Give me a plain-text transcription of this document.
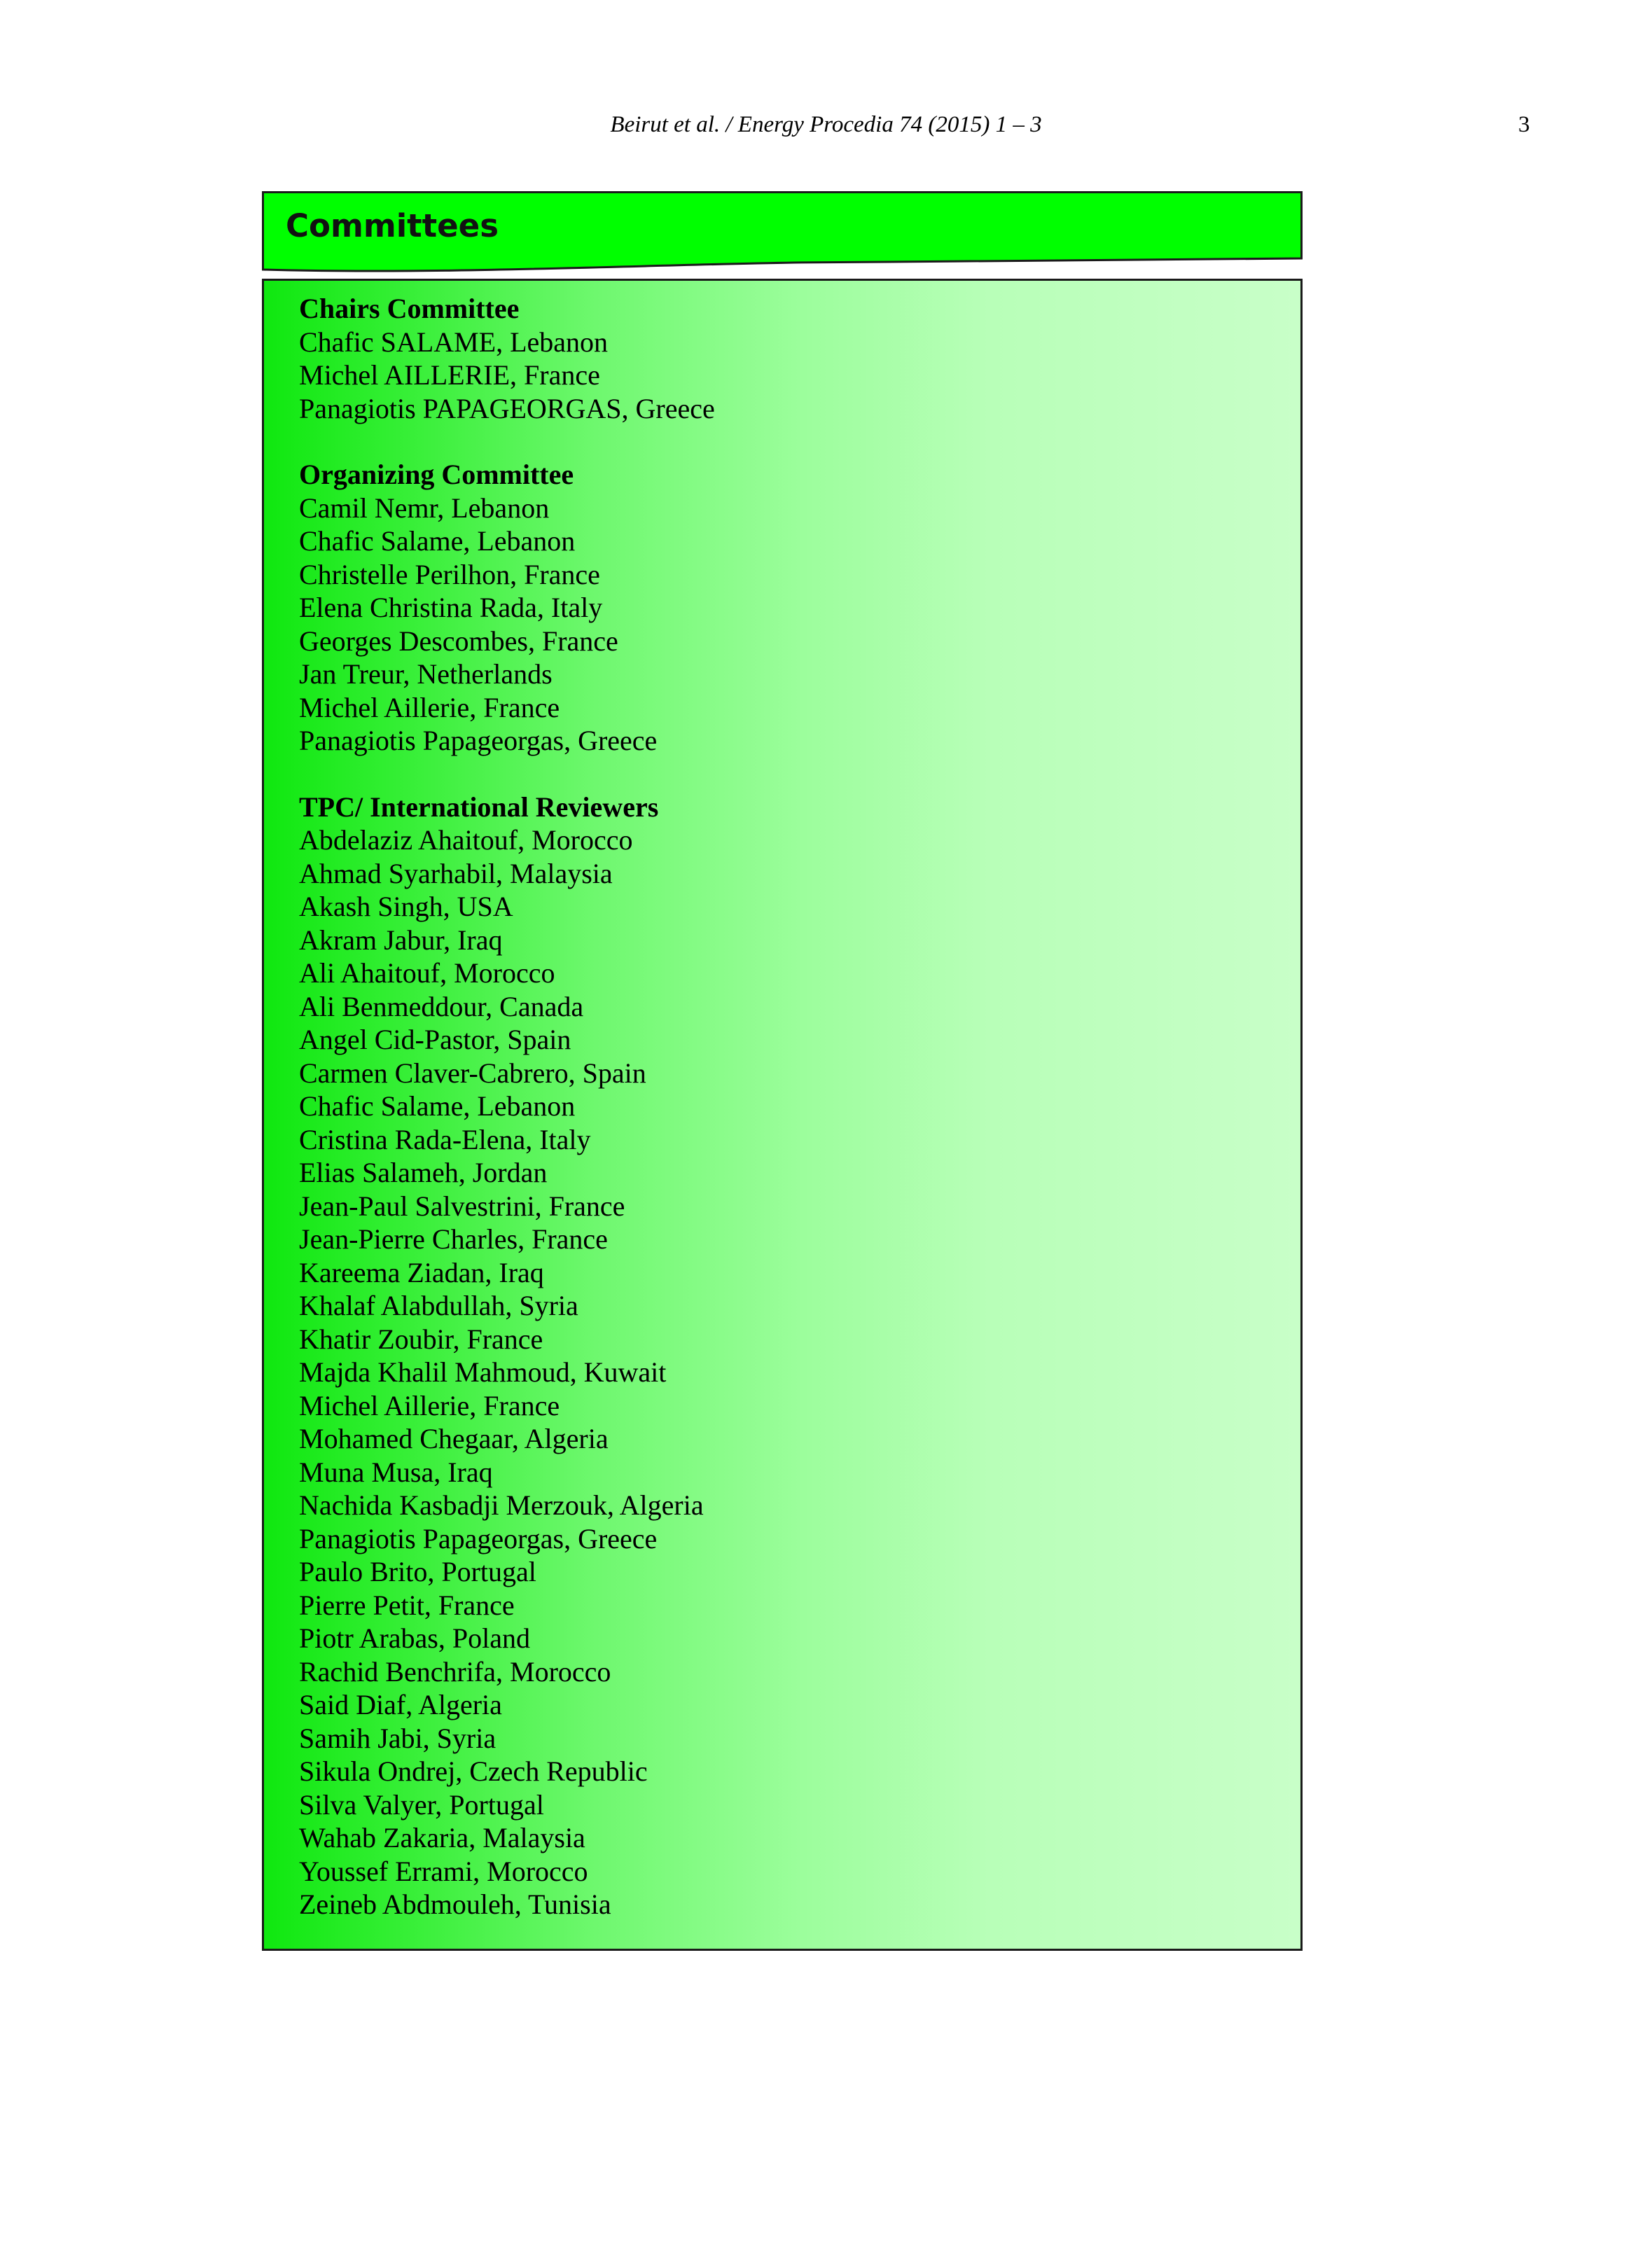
Beirut et al. / Energy Procedia 74 (2015) 1 – 3	3
Committees
Chairs Committee
Chafic SALAME, Lebanon
Michel AILLERIE, France
Panagiotis PAPAGEORGAS, Greece
Organizing Committee
Camil Nemr, Lebanon
Chafic Salame, Lebanon
Christelle Perilhon, France
Elena Christina Rada, Italy
Georges Descombes, France
Jan Treur, Netherlands
Michel Aillerie, France
Panagiotis Papageorgas, Greece
TPC/ International Reviewers
Abdelaziz Ahaitouf, Morocco
Ahmad Syarhabil, Malaysia
Akash Singh, USA
Akram Jabur, Iraq
Ali Ahaitouf, Morocco
Ali Benmeddour, Canada
Angel Cid-Pastor, Spain
Carmen Claver-Cabrero, Spain
Chafic Salame, Lebanon
Cristina Rada-Elena, Italy
Elias Salameh, Jordan
Jean-Paul Salvestrini, France
Jean-Pierre Charles, France
Kareema Ziadan, Iraq
Khalaf Alabdullah, Syria
Khatir Zoubir, France
Majda Khalil Mahmoud, Kuwait
Michel Aillerie, France
Mohamed Chegaar, Algeria
Muna Musa, Iraq
Nachida Kasbadji Merzouk, Algeria
Panagiotis Papageorgas, Greece
Paulo Brito, Portugal
Pierre Petit, France
Piotr Arabas, Poland
Rachid Benchrifa, Morocco
Said Diaf, Algeria
Samih Jabi, Syria
Sikula Ondrej, Czech Republic
Silva Valyer, Portugal
Wahab Zakaria, Malaysia
Youssef Errami, Morocco
Zeineb Abdmouleh, Tunisia
